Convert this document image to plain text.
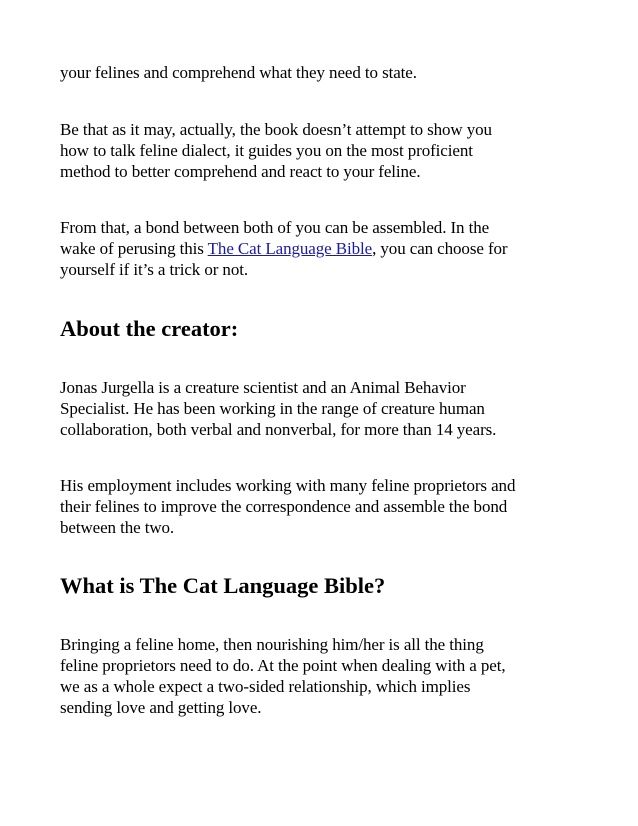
your felines and comprehend what they need to state.

Be that as it may, actually, the book doesn’t attempt to show you
how to talk feline dialect, it guides you on the most proficient
method to better comprehend and react to your feline.

From that, a bond between both of you can be assembled. In the
wake of perusing this The Cat Language Bible, you can choose for
yourself if it’s a trick or not.

About the creator:

Jonas Jurgella is a creature scientist and an Animal Behavior
Specialist. He has been working in the range of creature human
collaboration, both verbal and nonverbal, for more than 14 years.

His employment includes working with many feline proprietors and
their felines to improve the correspondence and assemble the bond
between the two.

What is The Cat Language Bible?

Bringing a feline home, then nourishing him/her is all the thing
feline proprietors need to do. At the point when dealing with a pet,
we as a whole expect a two-sided relationship, which implies
sending love and getting love.
